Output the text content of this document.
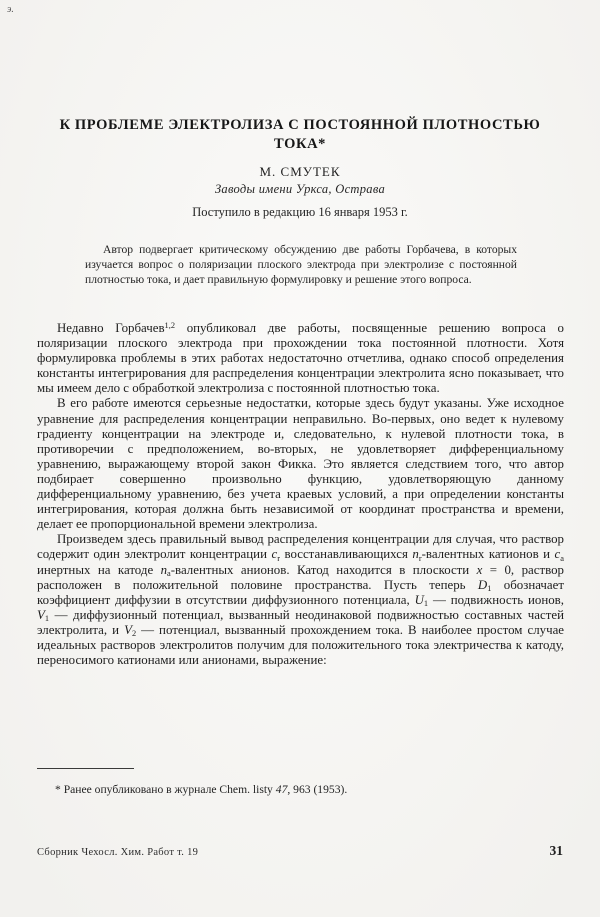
э.
К ПРОБЛЕМЕ ЭЛЕКТРОЛИЗА С ПОСТОЯННОЙ ПЛОТНОСТЬЮ
ТОКА*
М. СМУТЕК
Заводы имени Уркса, Острава
Поступило в редакцию 16 января 1953 г.

Автор подвергает критическому обсуждению две работы Горбачева, в которых изучается вопрос о поляризации плоского электрода при электролизе с постоянной плотностью тока, и дает правильную формулировку и решение этого вопроса.

Недавно Горбачев$^{1,2}$ опубликовал две работы, посвященные решению вопроса о поляризации плоского электрода при прохождении тока постоянной плотности. Хотя формулировка проблемы в этих работах недостаточно отчетлива, однако способ определения константы интегрирования для распределения концентрации электролита ясно показывает, что мы имеем дело с обработкой электролиза с постоянной плотностью тока.

В его работе имеются серьезные недостатки, которые здесь будут указаны. Уже исходное уравнение для распределения концентрации неправильно. Во-первых, оно ведет к нулевому градиенту концентрации на электроде и, следовательно, к нулевой плотности тока, в противоречии с предположением, во-вторых, не удовлетворяет дифференциальному уравнению, выражающему второй закон Фикка. Это является следствием того, что автор подбирает совершенно произвольно функцию, удовлетворяющую данному дифференциальному уравнению, без учета краевых условий, а при определении константы интегрирования, которая должна быть независимой от координат пространства и времени, делает ее пропорциональной времени электролиза.

Произведем здесь правильный вывод распределения концентрации для случая, что раствор содержит один электролит концентрации $c_r$ восстанавливающихся $n_r$-валентных катионов и $c_a$ инертных на катоде $n_a$-валентных анионов. Катод находится в плоскости x = 0, раствор расположен в положительной половине пространства. Пусть теперь $D_1$ обозначает коэффициент диффузии в отсутствии диффузионного потенциала, $U_1$ — подвижность ионов, $V_1$ — диффузионный потенциал, вызванный неодинаковой подвижностью составных частей электролита, и $V_2$ — потенциал, вызванный прохождением тока. В наиболее простом случае идеальных растворов электролитов получим для положительного тока электричества к катоду, переносимого катионами или анионами, выражение:

* Ранее опубликовано в журнале Chem. listy 47, 963 (1953).

Сборник Чехосл. Хим. Работ т. 19	31
